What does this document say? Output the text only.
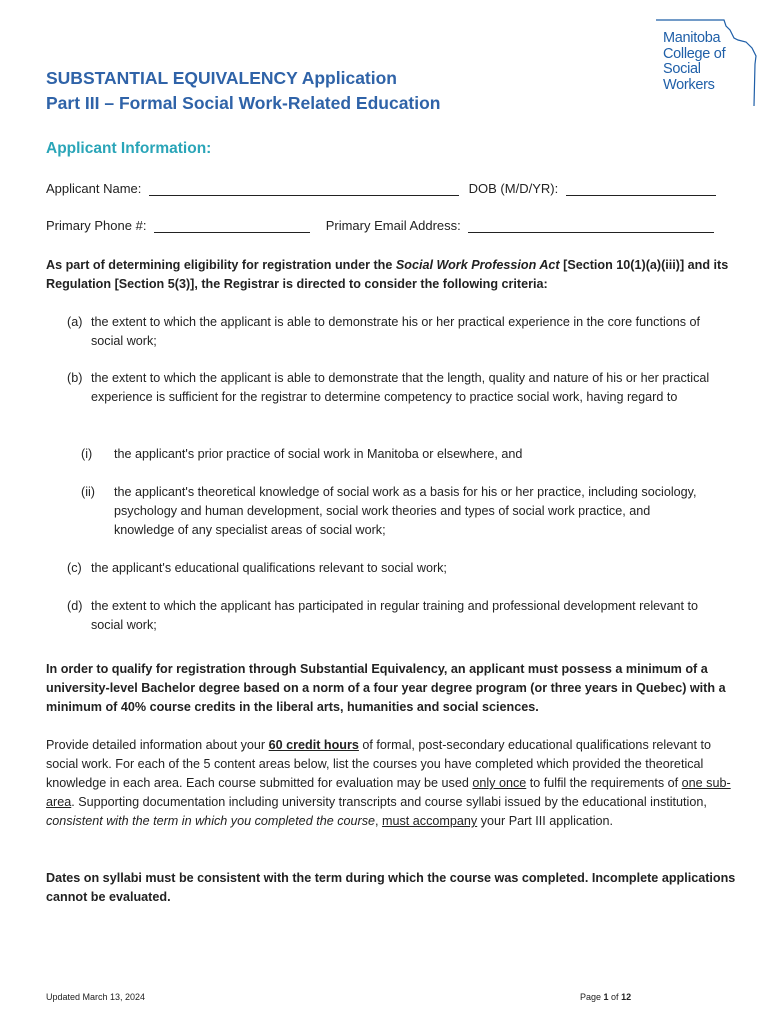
Manitoba
College of
Social
Workers
SUBSTANTIAL EQUIVALENCY Application
Part III – Formal Social Work-Related Education
Applicant Information:
Applicant Name:	DOB (M/D/YR):
Primary Phone #:	Primary Email Address:
As part of determining eligibility for registration under the Social Work Profession Act [Section 10(1)(a)(iii)] and its Regulation [Section 5(3)], the Registrar is directed to consider the following criteria:
(a) the extent to which the applicant is able to demonstrate his or her practical experience in the core functions of social work;
(b) the extent to which the applicant is able to demonstrate that the length, quality and nature of his or her practical experience is sufficient for the registrar to determine competency to practice social work, having regard to
(i) the applicant's prior practice of social work in Manitoba or elsewhere, and
(ii) the applicant's theoretical knowledge of social work as a basis for his or her practice, including sociology, psychology and human development, social work theories and types of social work practice, and knowledge of any specialist areas of social work;
(c) the applicant's educational qualifications relevant to social work;
(d) the extent to which the applicant has participated in regular training and professional development relevant to social work;
In order to qualify for registration through Substantial Equivalency, an applicant must possess a minimum of a university-level Bachelor degree based on a norm of a four year degree program (or three years in Quebec) with a minimum of 40% course credits in the liberal arts, humanities and social sciences.
Provide detailed information about your 60 credit hours of formal, post-secondary educational qualifications relevant to social work. For each of the 5 content areas below, list the courses you have completed which provided the theoretical knowledge in each area. Each course submitted for evaluation may be used only once to fulfil the requirements of one sub-area. Supporting documentation including university transcripts and course syllabi issued by the educational institution, consistent with the term in which you completed the course, must accompany your Part III application.
Dates on syllabi must be consistent with the term during which the course was completed. Incomplete applications cannot be evaluated.
Updated March 13, 2024	Page 1 of 12
